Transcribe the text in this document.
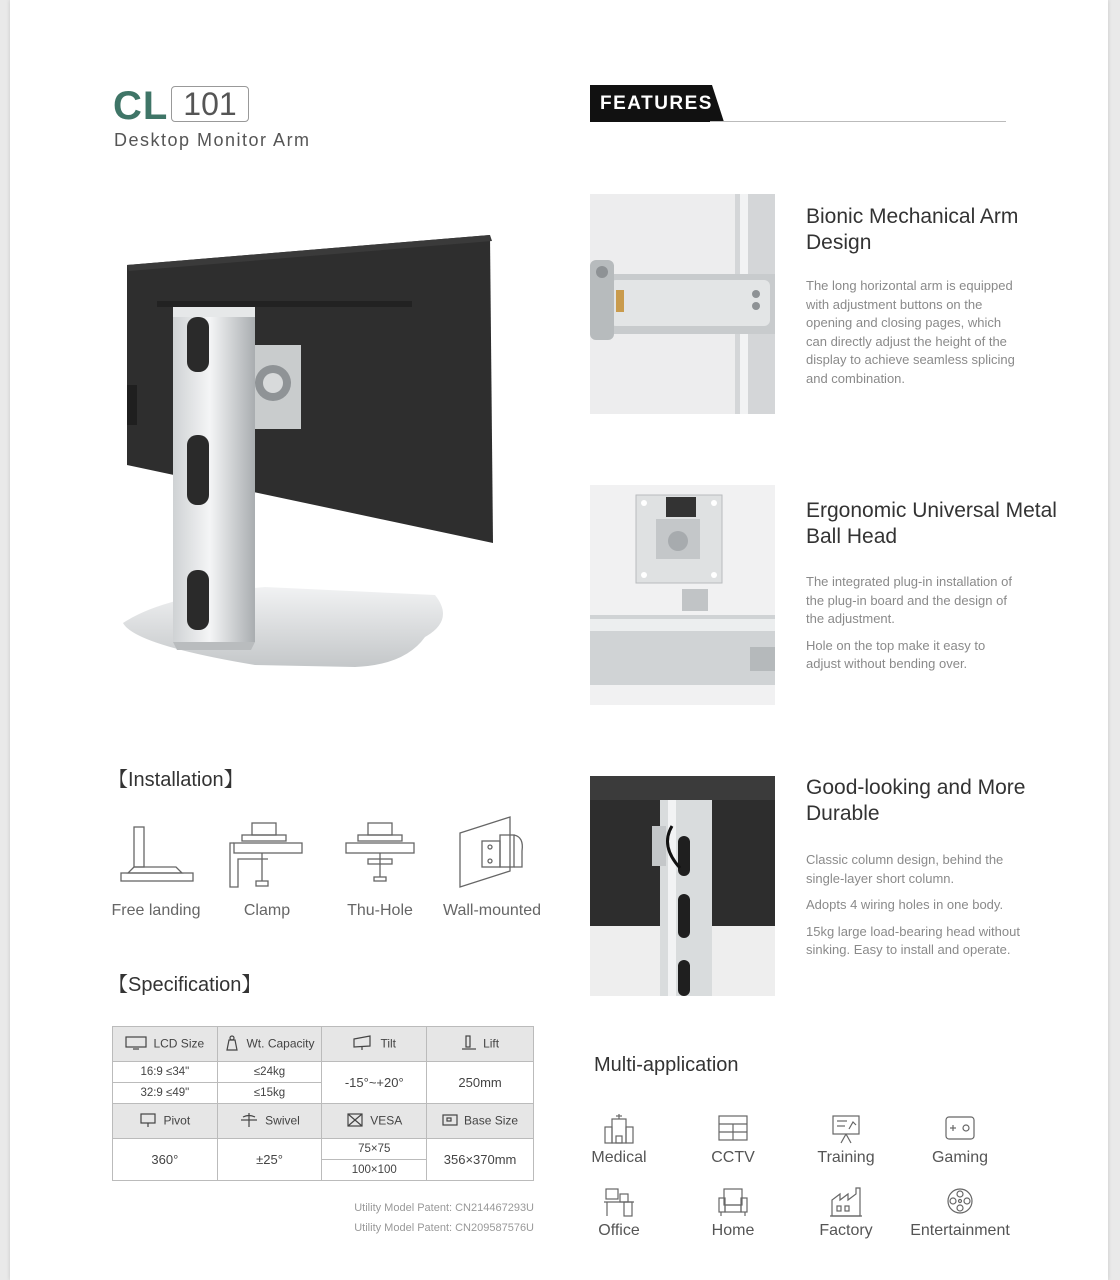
CL 101
Desktop Monitor Arm
FEATURES
Bionic Mechanical Arm Design

The long horizontal arm is equipped with adjustment buttons on the opening and closing pages, which can directly adjust the height of the display to achieve seamless splicing and combination.

Ergonomic Universal Metal Ball Head

The integrated plug-in installation of the plug-in board and the design of the adjustment.

Hole on the top make it easy to adjust without bending over.

Good-looking and More Durable

Classic column design, behind the single-layer short column.

Adopts 4 wiring holes in one body.

15kg large load-bearing head without sinking. Easy to install and operate.

【Installation】
Free landing	Clamp	Thu-Hole	Wall-mounted
【Specification】
LCD Size	Wt. Capacity	Tilt	Lift
16:9 ≤34"	≤24kg	-15°~+20°	250mm
32:9 ≤49"	≤15kg		
Pivot	Swivel	VESA	Base Size
360°	±25°	75×75	356×370mm
		100×100	
Utility Model Patent: CN214467293U
Utility Model Patent: CN209587576U
Multi-application
Medical	CCTV	Training	Gaming
Office	Home	Factory	Entertainment
